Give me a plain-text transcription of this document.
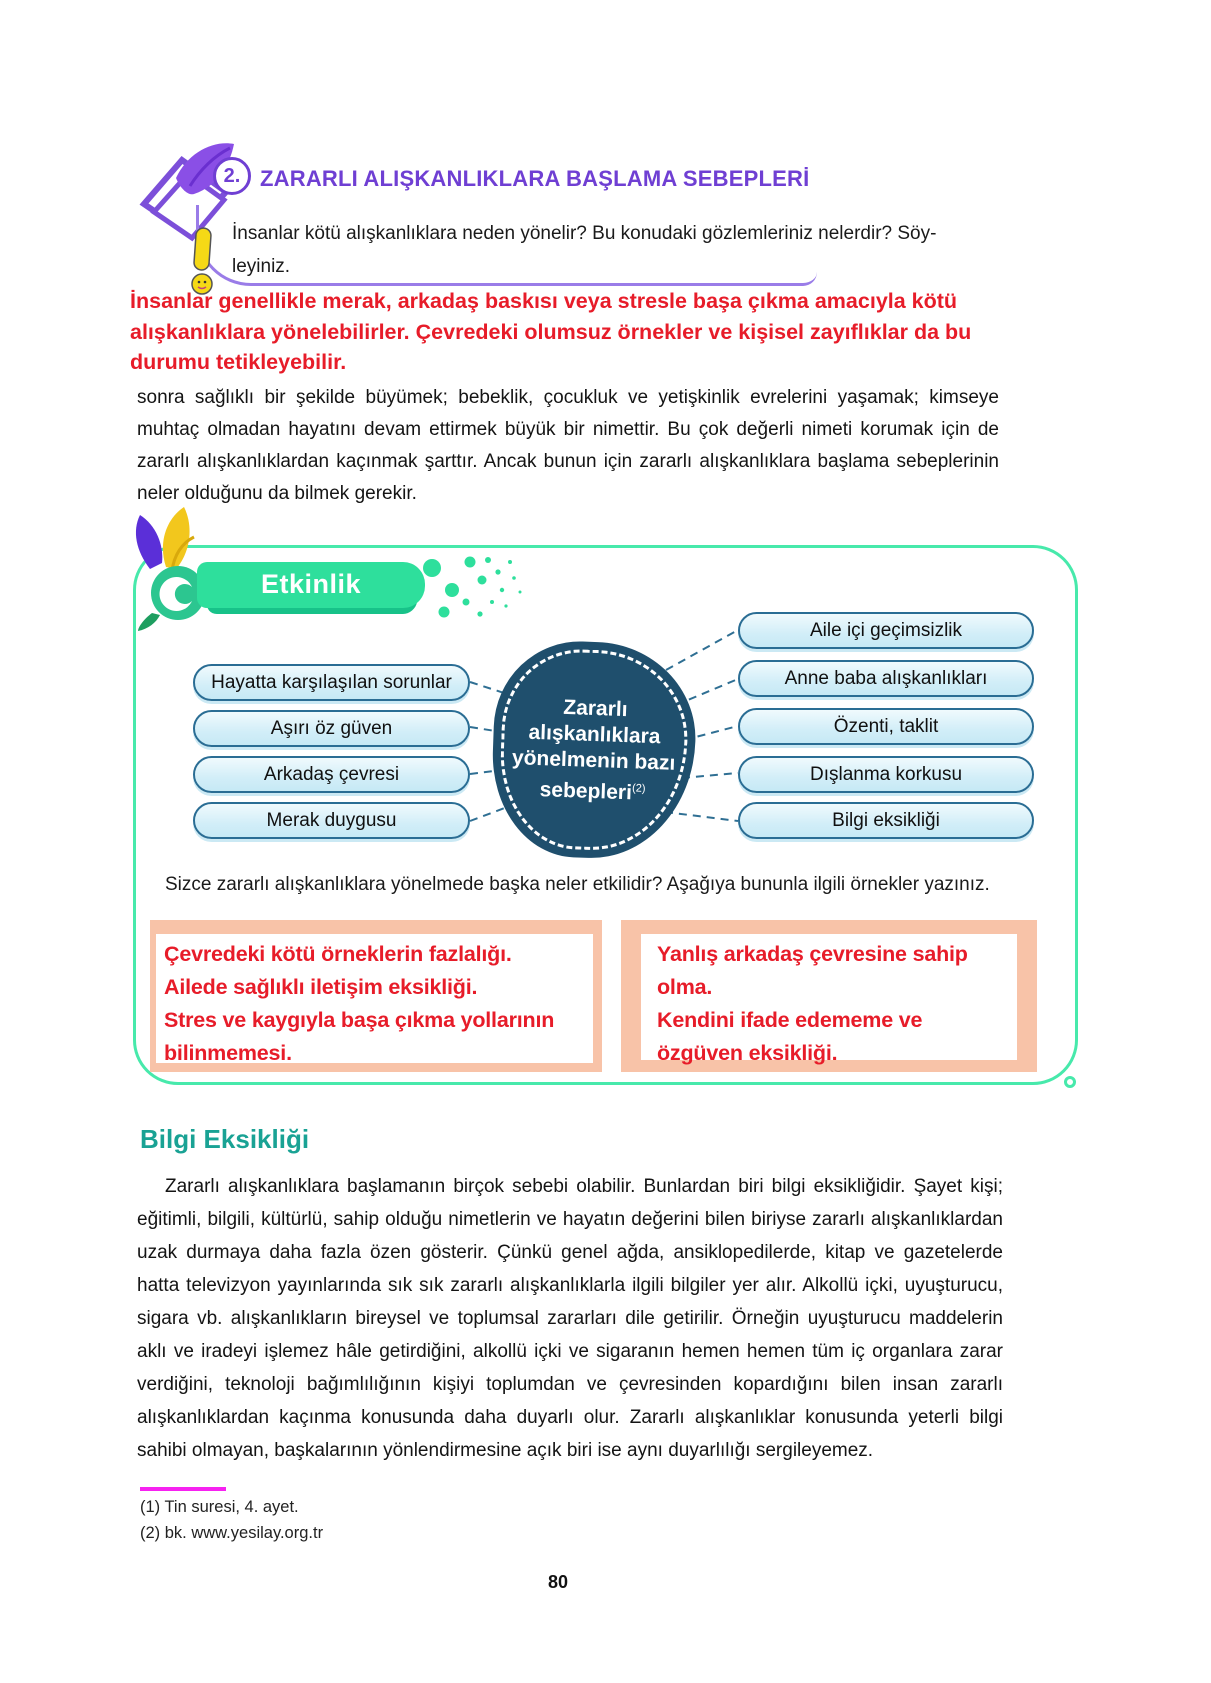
2. ZARARLI ALIŞKANLIKLARA BAŞLAMA SEBEPLERİ
İnsanlar kötü alışkanlıklara neden yönelir? Bu konudaki gözlemleriniz nelerdir? Söy-
leyiniz.
İnsanlar genellikle merak, arkadaş baskısı veya stresle başa çıkma amacıyla kötü alışkanlıklara yönelebilirler. Çevredeki olumsuz örnekler ve kişisel zayıflıklar da bu durumu tetikleyebilir.
sonra sağlıklı bir şekilde büyümek; bebeklik, çocukluk ve yetişkinlik evrelerini yaşamak; kimseye muhtaç olmadan hayatını devam ettirmek büyük bir nimettir. Bu çok değerli nimeti korumak için de zararlı alışkanlıklardan kaçınmak şarttır. Ancak bunun için zararlı alışkanlıklara başlama sebeplerinin neler olduğunu da bilmek gerekir.
Etkinlik
Zararlı alışkanlıklara yönelmenin bazı sebepleri$^{(2)}$
Hayatta karşılaşılan sorunlar
Aşırı öz güven
Arkadaş çevresi
Merak duygusu
Aile içi geçimsizlik
Anne baba alışkanlıkları
Özenti, taklit
Dışlanma korkusu
Bilgi eksikliği
Sizce zararlı alışkanlıklara yönelmede başka neler etkilidir? Aşağıya bununla ilgili örnekler yazınız.
Çevredeki kötü örneklerin fazlalığı.
Ailede sağlıklı iletişim eksikliği.
Stres ve kaygıyla başa çıkma yollarının
bilinmemesi.
Yanlış arkadaş çevresine sahip
olma.
Kendini ifade edememe ve
özgüven eksikliği.
Bilgi Eksikliği
Zararlı alışkanlıklara başlamanın birçok sebebi olabilir. Bunlardan biri bilgi eksikliğidir. Şayet kişi; eğitimli, bilgili, kültürlü, sahip olduğu nimetlerin ve hayatın değerini bilen biriyse zararlı alışkanlıklardan uzak durmaya daha fazla özen gösterir. Çünkü genel ağda, ansiklopedilerde, kitap ve gazetelerde hatta televizyon yayınlarında sık sık zararlı alışkanlıklarla ilgili bilgiler yer alır. Alkollü içki, uyuşturucu, sigara vb. alışkanlıkların bireysel ve toplumsal zararları dile getirilir. Örneğin uyuşturucu maddelerin aklı ve iradeyi işlemez hâle getirdiğini, alkollü içki ve sigaranın hemen hemen tüm iç organlara zarar verdiğini, teknoloji bağımlılığının kişiyi toplumdan ve çevresinden kopardığını bilen insan zararlı alışkanlıklardan kaçınma konusunda daha duyarlı olur. Zararlı alışkanlıklar konusunda yeterli bilgi sahibi olmayan, başkalarının yönlendirmesine açık biri ise aynı duyarlılığı sergileyemez.
(1) Tin suresi, 4. ayet.
(2) bk. www.yesilay.org.tr
80
